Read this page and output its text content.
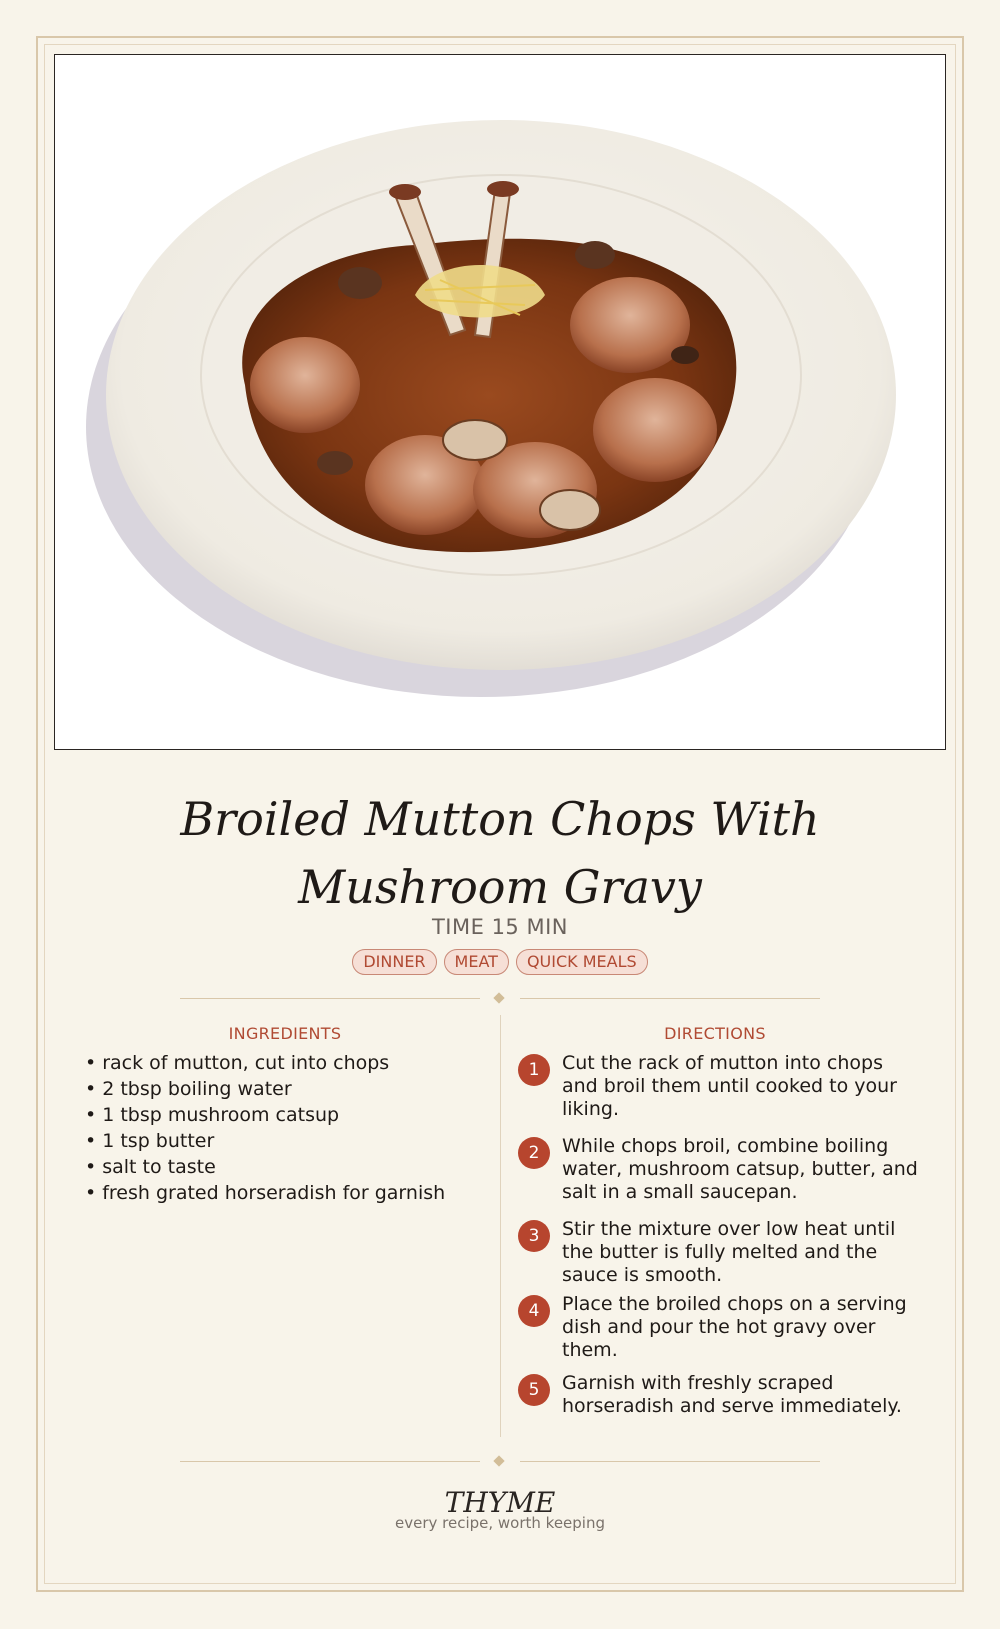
Broiled Mutton Chops With Mushroom Gravy
TIME 15 MIN
DINNER	MEAT	QUICK MEALS
INGREDIENTS
• rack of mutton, cut into chops
• 2 tbsp boiling water
• 1 tbsp mushroom catsup
• 1 tsp butter
• salt to taste
• fresh grated horseradish for garnish
DIRECTIONS
1	Cut the rack of mutton into chops and broil them until cooked to your liking.
2	While chops broil, combine boiling water, mushroom catsup, butter, and salt in a small saucepan.
3	Stir the mixture over low heat until the butter is fully melted and the sauce is smooth.
4	Place the broiled chops on a serving dish and pour the hot gravy over them.
5	Garnish with freshly scraped horseradish and serve immediately.
THYME
every recipe, worth keeping
